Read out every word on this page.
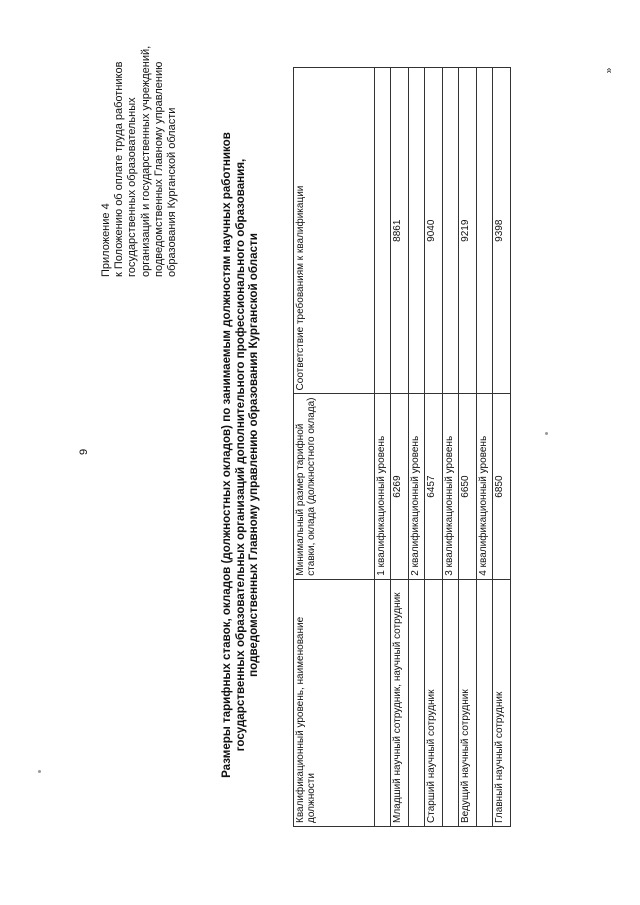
9
Приложение 4 к Положению об оплате труда работников государственных образовательных организаций и государственных учреждений, подведомственных Главному управлению образования Курганской области	Размеры тарифных ставок, окладов (должностных окладов) по занимаемым должностям научных работников государственных образовательных организаций дополнительного профессионального образования, подведомственных Главному управлению образования Курганской области
Квалификационный уровень, наименование должности	Минимальный размер тарифной ставки, оклада (должностного оклада)	Соответствие требованиям к квалификации
	1 квалификационный уровень	
Младший научный сотрудник, научный сотрудник	6269	8861
	2 квалификационный уровень	
Старший научный сотрудник	6457	9040
	3 квалификационный уровень	
Ведущий научный сотрудник	6650	9219
	4 квалификационный уровень	
Главный научный сотрудник	6850	9398
»
